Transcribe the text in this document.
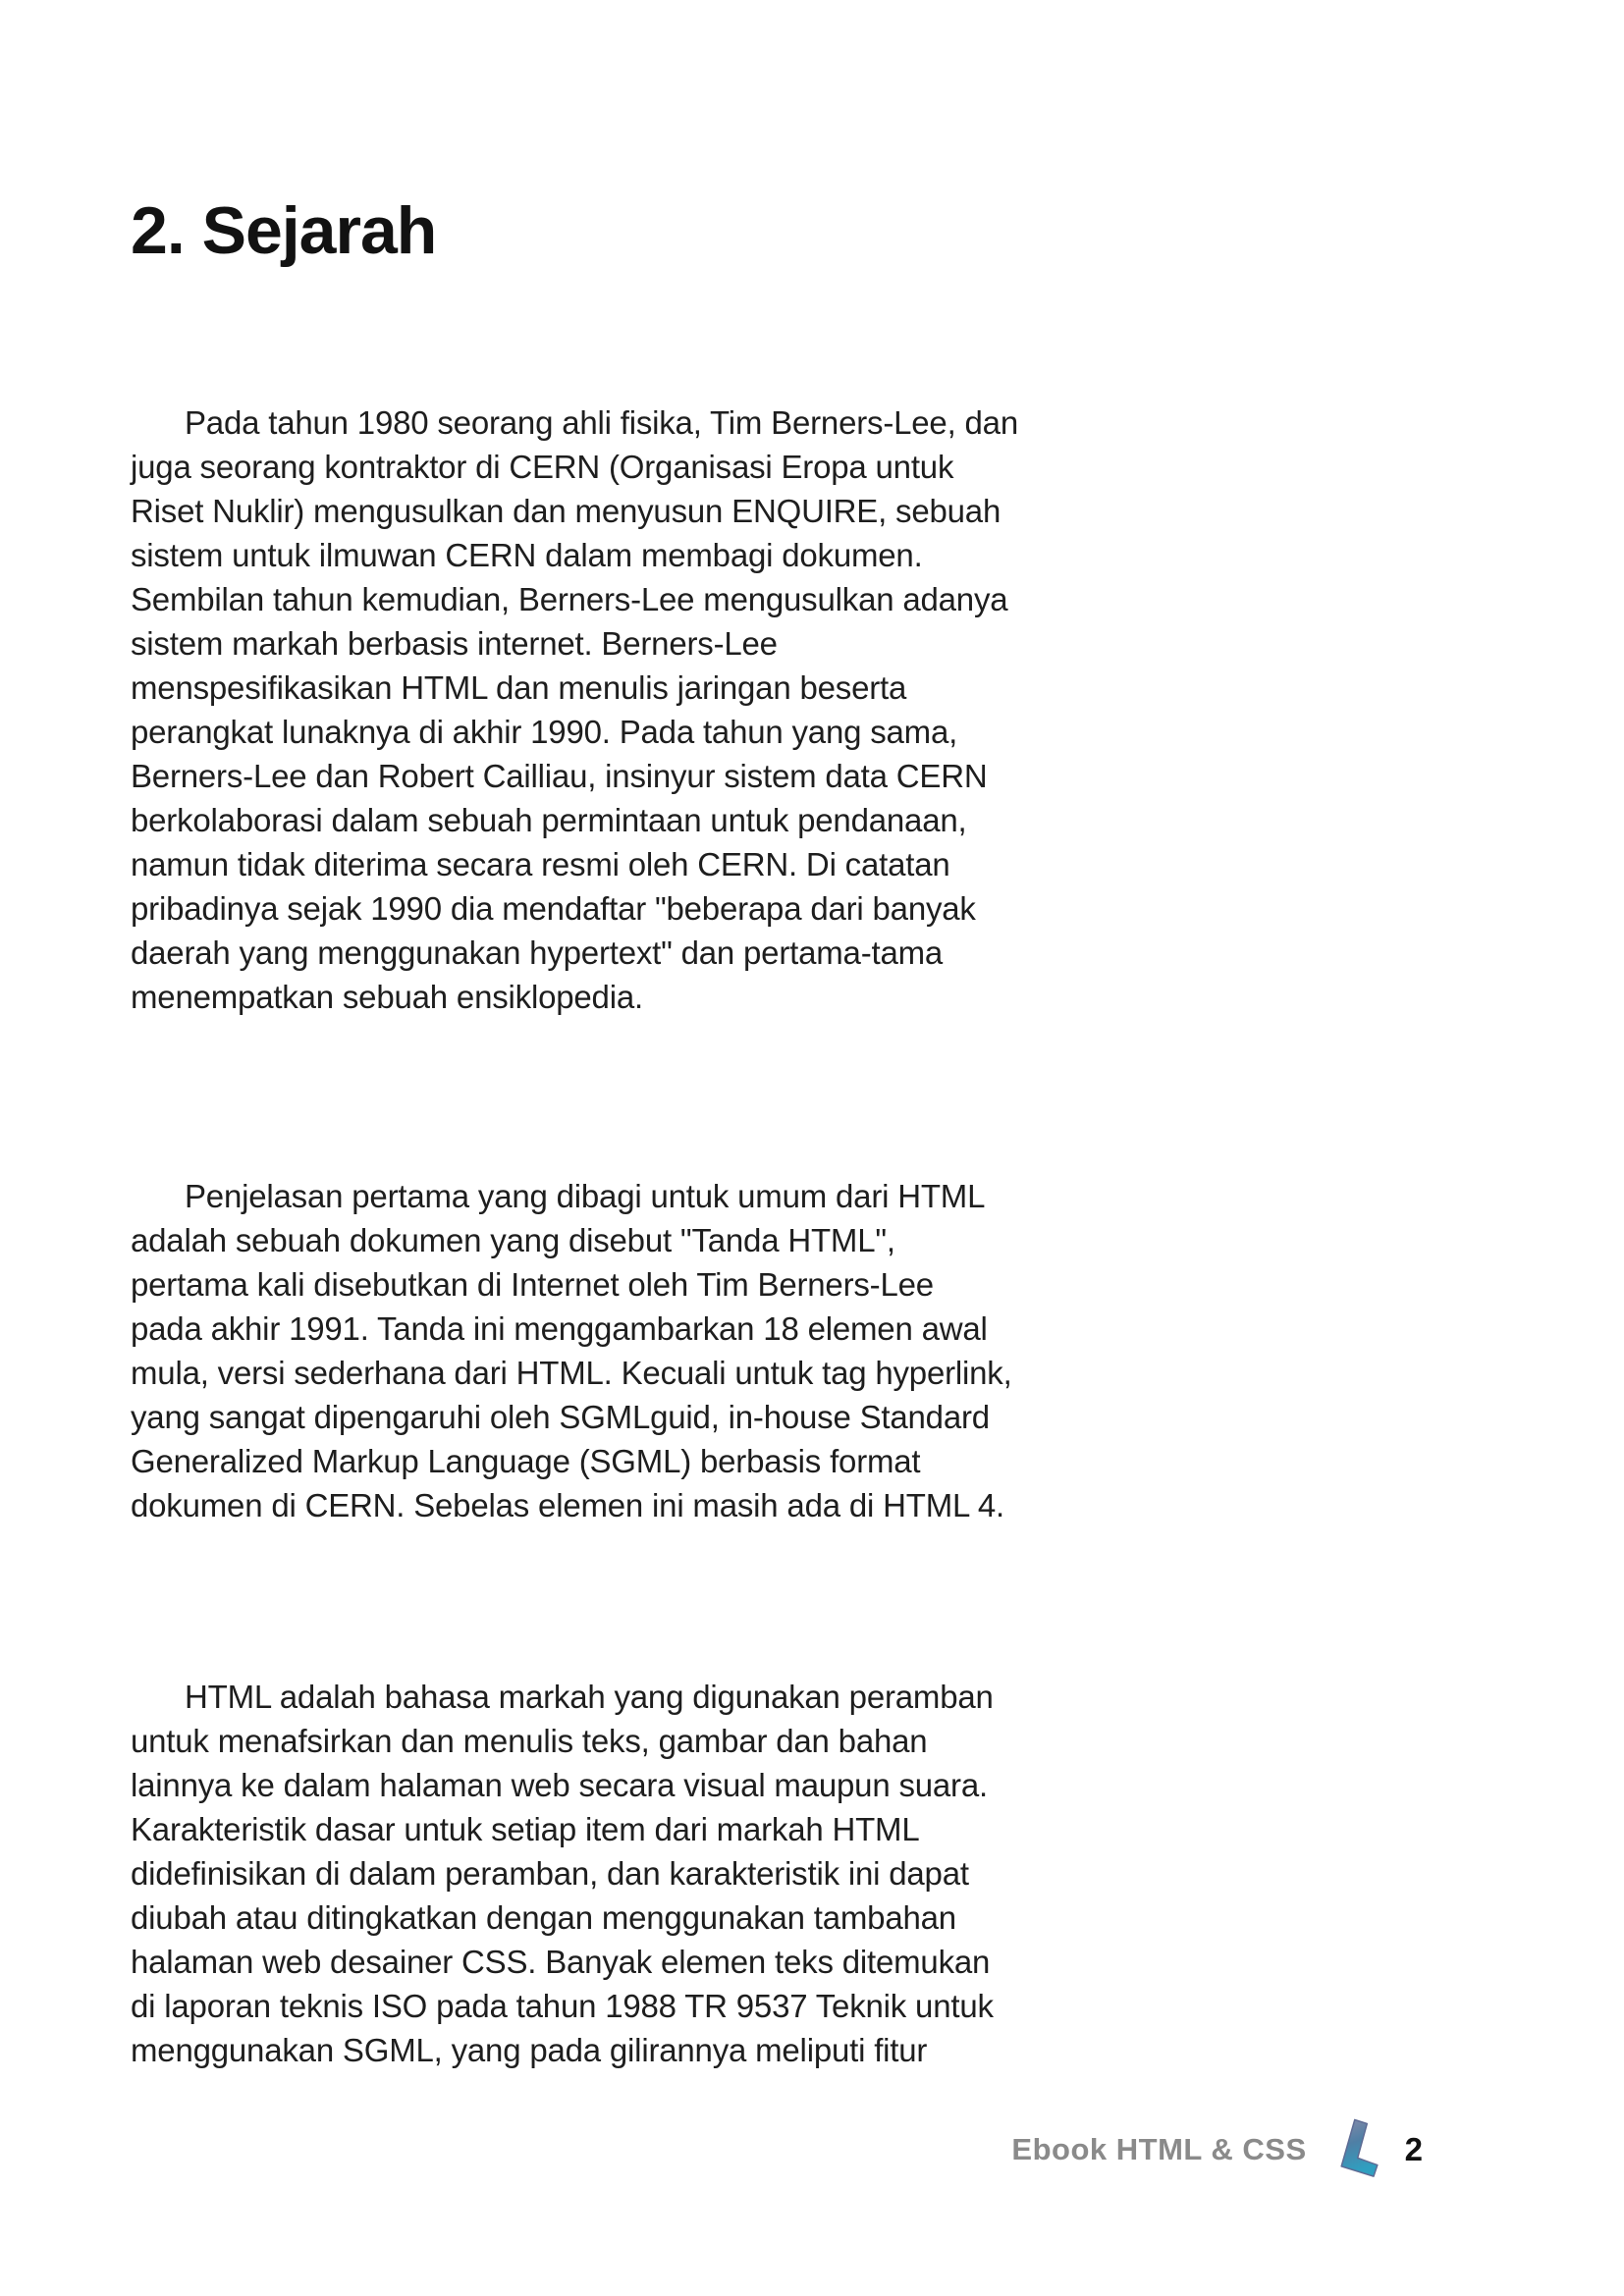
2. Sejarah
Pada tahun 1980 seorang ahli fisika, Tim Berners-Lee, dan
juga seorang kontraktor di CERN (Organisasi Eropa untuk
Riset Nuklir) mengusulkan dan menyusun ENQUIRE, sebuah
sistem untuk ilmuwan CERN dalam membagi dokumen.
Sembilan tahun kemudian, Berners-Lee mengusulkan adanya
sistem markah berbasis internet. Berners-Lee
menspesifikasikan HTML dan menulis jaringan beserta
perangkat lunaknya di akhir 1990. Pada tahun yang sama,
Berners-Lee dan Robert Cailliau, insinyur sistem data CERN
berkolaborasi dalam sebuah permintaan untuk pendanaan,
namun tidak diterima secara resmi oleh CERN. Di catatan
pribadinya sejak 1990 dia mendaftar "beberapa dari banyak
daerah yang menggunakan hypertext" dan pertama-tama
menempatkan sebuah ensiklopedia.
Penjelasan pertama yang dibagi untuk umum dari HTML
adalah sebuah dokumen yang disebut "Tanda HTML",
pertama kali disebutkan di Internet oleh Tim Berners-Lee
pada akhir 1991. Tanda ini menggambarkan 18 elemen awal
mula, versi sederhana dari HTML. Kecuali untuk tag hyperlink,
yang sangat dipengaruhi oleh SGMLguid, in-house Standard
Generalized Markup Language (SGML) berbasis format
dokumen di CERN. Sebelas elemen ini masih ada di HTML 4.
HTML adalah bahasa markah yang digunakan peramban
untuk menafsirkan dan menulis teks, gambar dan bahan
lainnya ke dalam halaman web secara visual maupun suara.
Karakteristik dasar untuk setiap item dari markah HTML
didefinisikan di dalam peramban, dan karakteristik ini dapat
diubah atau ditingkatkan dengan menggunakan tambahan
halaman web desainer CSS. Banyak elemen teks ditemukan
di laporan teknis ISO pada tahun 1988 TR 9537 Teknik untuk
menggunakan SGML, yang pada gilirannya meliputi fitur
Ebook HTML & CSS	2
